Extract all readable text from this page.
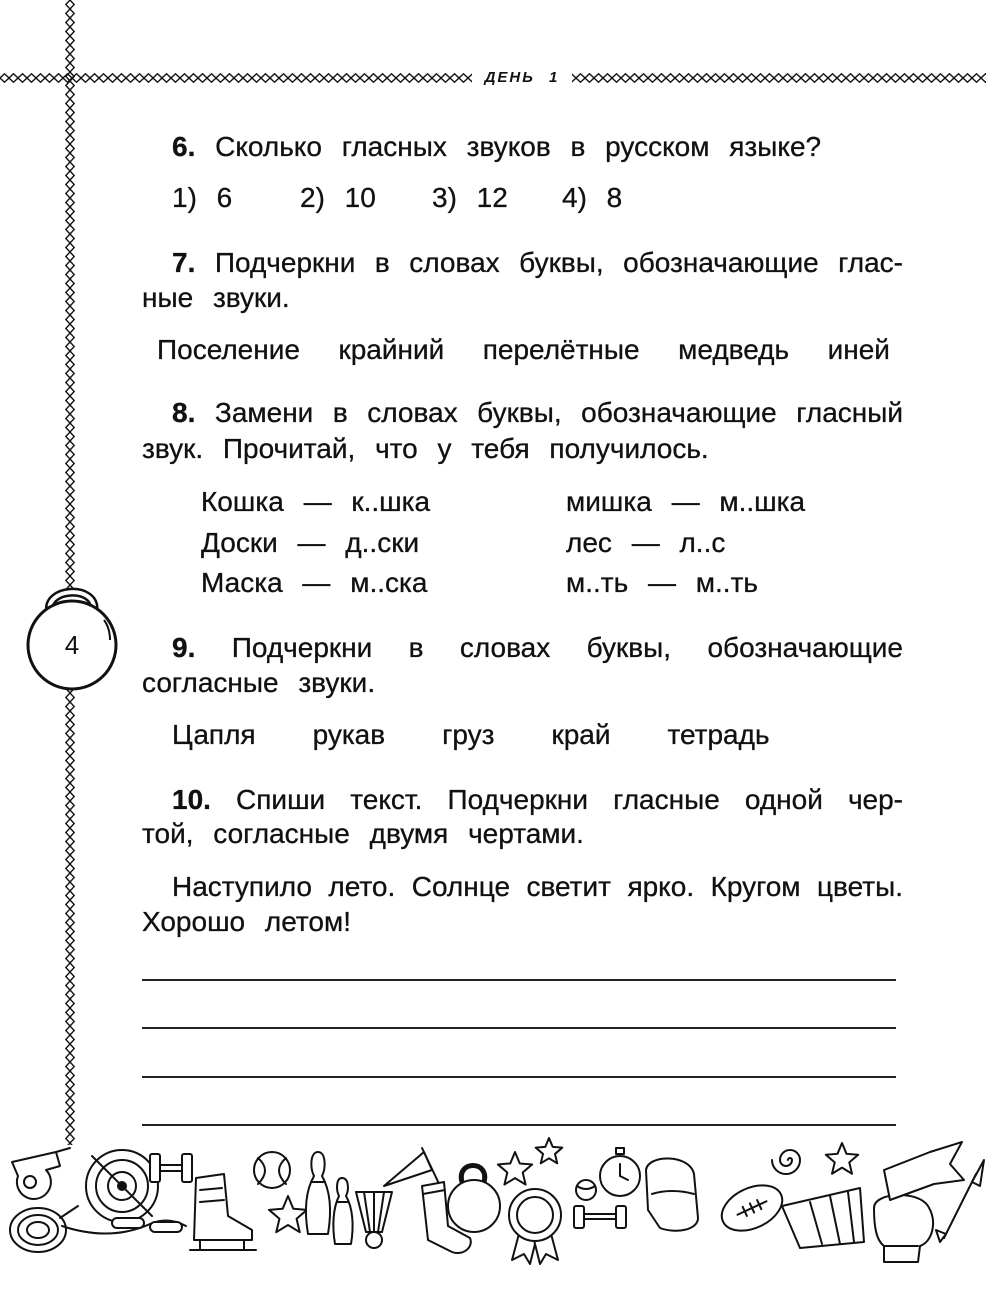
ДЕНЬ 1
4
6. Сколько гласных звуков в русском языке?
1) 6 2) 10 3) 12 4) 8
7. Подчеркни в словах буквы, обозначающие глас-
ные звуки.
Поселение крайний перелётные медведь иней
8. Замени в словах буквы, обозначающие гласный
звук. Прочитай, что у тебя получилось.
Кошка — к..шка
Доски — д..ски
Маска — м..ска
мишка — м..шка
лес — л..с
м..ть — м..ть
9. Подчеркни в словах буквы, обозначающие
согласные звуки.
Цапля рукав груз край тетрадь
10. Спиши текст. Подчеркни гласные одной чер-
той, согласные двумя чертами.
Наступило лето. Солнце светит ярко. Кругом цветы.
Хорошо летом!
